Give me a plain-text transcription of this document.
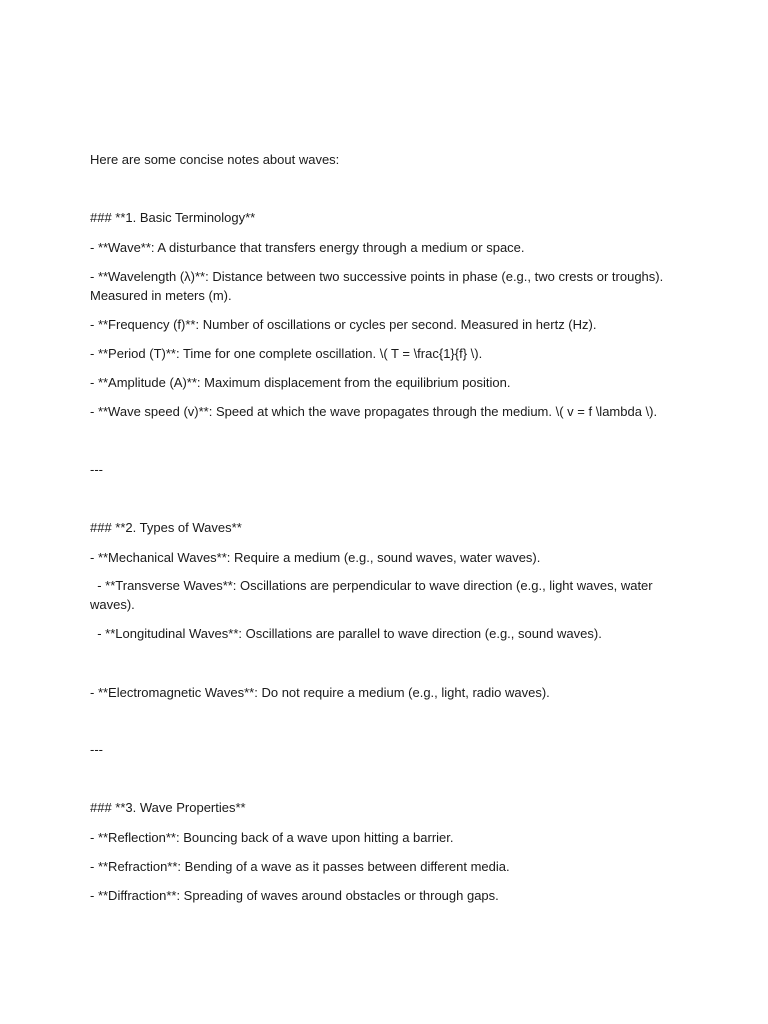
Here are some concise notes about waves:
### **1. Basic Terminology**
- **Wave**: A disturbance that transfers energy through a medium or space.
- **Wavelength (λ)**: Distance between two successive points in phase (e.g., two crests or troughs). Measured in meters (m).
- **Frequency (f)**: Number of oscillations or cycles per second. Measured in hertz (Hz).
- **Period (T)**: Time for one complete oscillation. \( T = \frac{1}{f} \).
- **Amplitude (A)**: Maximum displacement from the equilibrium position.
- **Wave speed (v)**: Speed at which the wave propagates through the medium. \( v = f \lambda \).
---
### **2. Types of Waves**
- **Mechanical Waves**: Require a medium (e.g., sound waves, water waves).
- **Transverse Waves**: Oscillations are perpendicular to wave direction (e.g., light waves, water waves).
- **Longitudinal Waves**: Oscillations are parallel to wave direction (e.g., sound waves).
- **Electromagnetic Waves**: Do not require a medium (e.g., light, radio waves).
---
### **3. Wave Properties**
- **Reflection**: Bouncing back of a wave upon hitting a barrier.
- **Refraction**: Bending of a wave as it passes between different media.
- **Diffraction**: Spreading of waves around obstacles or through gaps.
